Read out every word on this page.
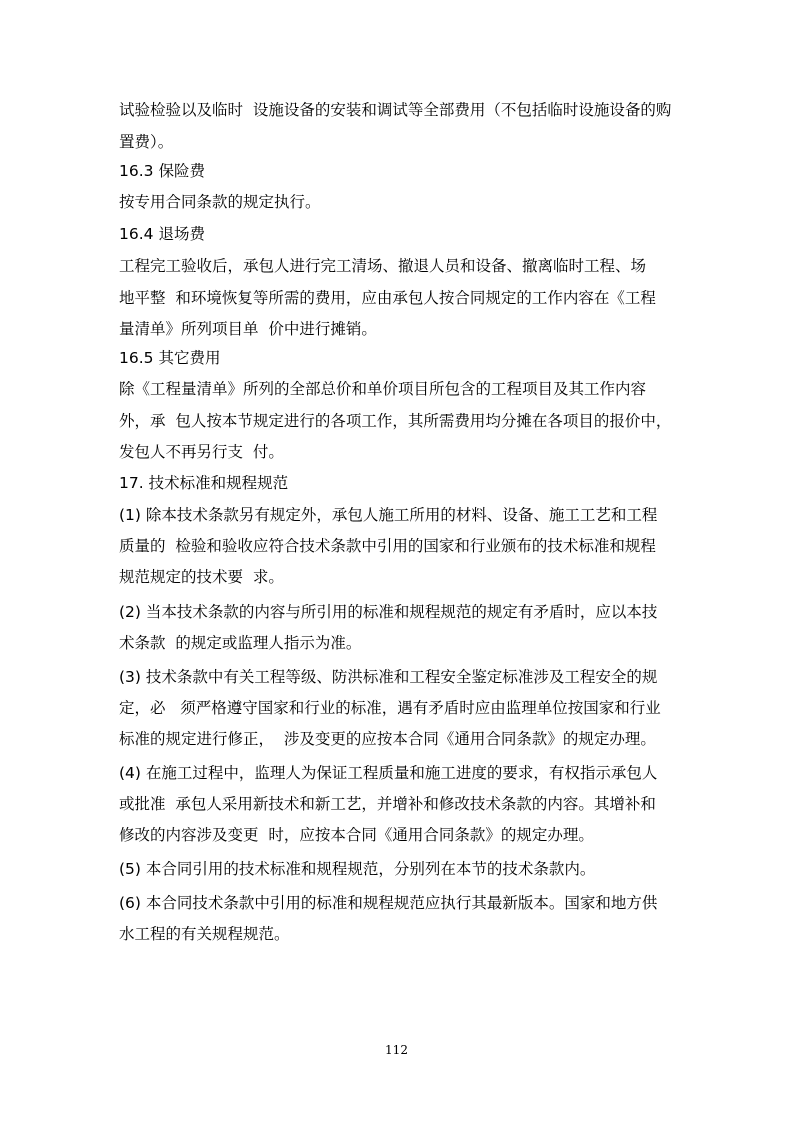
试验检验以及临时  设施设备的安装和调试等全部费用（不包括临时设施设备的购
置费）。
16.3 保险费
按专用合同条款的规定执行。
16.4 退场费
工程完工验收后，承包人进行完工清场、撤退人员和设备、撤离临时工程、场
地平整  和环境恢复等所需的费用，应由承包人按合同规定的工作内容在《工程
量清单》所列项目单  价中进行摊销。
16.5 其它费用
除《工程量清单》所列的全部总价和单价项目所包含的工程项目及其工作内容
外，承  包人按本节规定进行的各项工作，其所需费用均分摊在各项目的报价中，
发包人不再另行支  付。
17. 技术标准和规程规范
(1) 除本技术条款另有规定外，承包人施工所用的材料、设备、施工工艺和工程
质量的  检验和验收应符合技术条款中引用的国家和行业颁布的技术标准和规程
规范规定的技术要  求。
(2) 当本技术条款的内容与所引用的标准和规程规范的规定有矛盾时，应以本技
术条款  的规定或监理人指示为准。
(3) 技术条款中有关工程等级、防洪标准和工程安全鉴定标准涉及工程安全的规
定，必   须严格遵守国家和行业的标准，遇有矛盾时应由监理单位按国家和行业
标准的规定进行修正，  涉及变更的应按本合同《通用合同条款》的规定办理。
(4) 在施工过程中，监理人为保证工程质量和施工进度的要求，有权指示承包人
或批准  承包人采用新技术和新工艺，并增补和修改技术条款的内容。其增补和
修改的内容涉及变更  时，应按本合同《通用合同条款》的规定办理。
(5) 本合同引用的技术标准和规程规范，分别列在本节的技术条款内。
(6) 本合同技术条款中引用的标准和规程规范应执行其最新版本。国家和地方供
水工程的有关规程规范。
112
